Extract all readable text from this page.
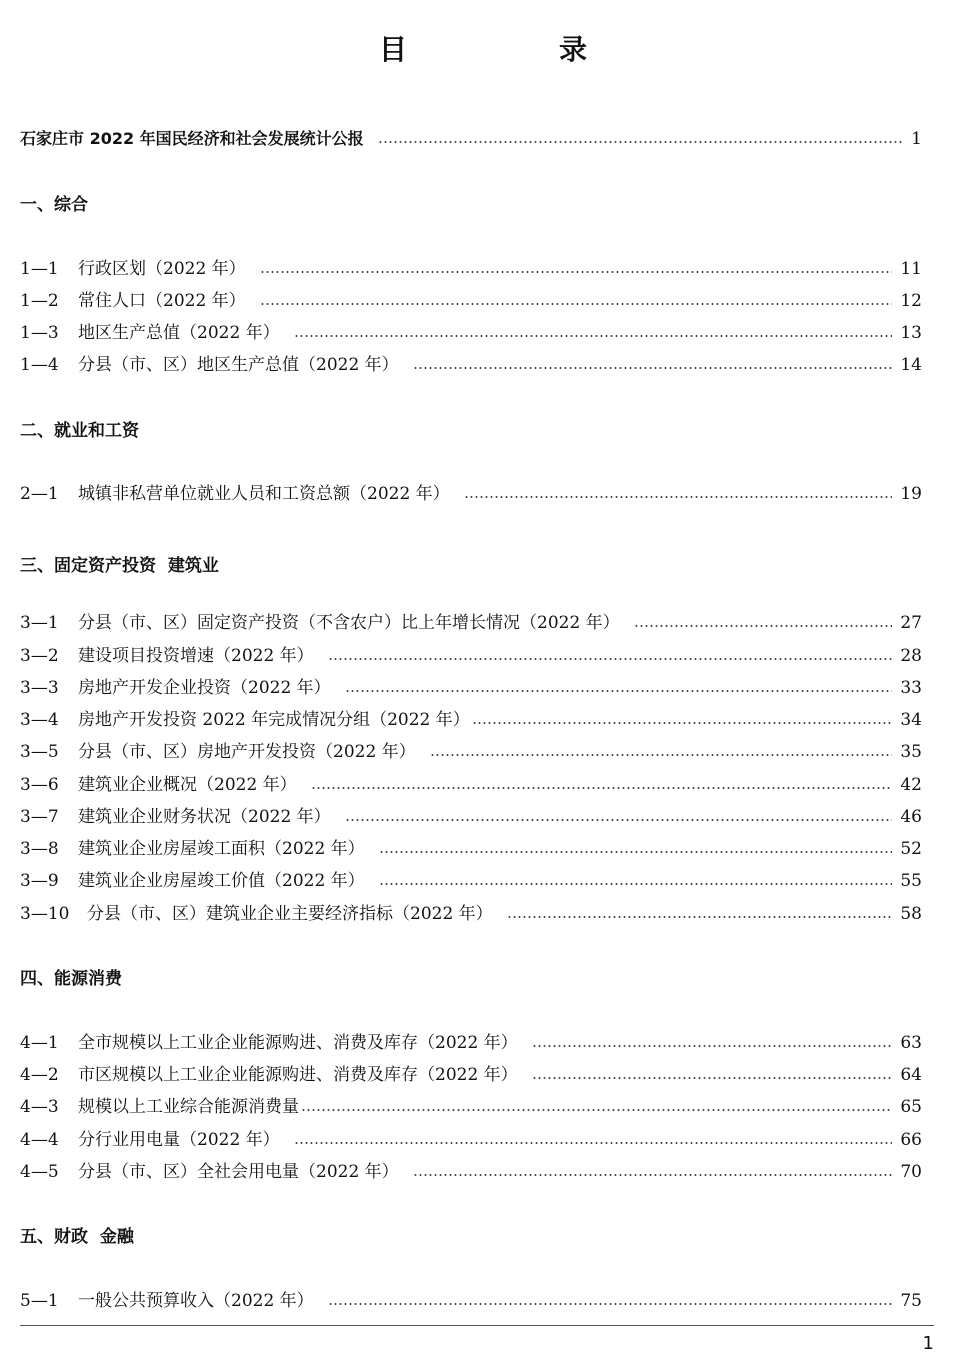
目　录
石家庄市 2022 年国民经济和社会发展统计公报	1
一、综合
1—1	行政区划（2022 年）	11
1—2	常住人口（2022 年）	12
1—3	地区生产总值（2022 年）	13
1—4	分县（市、区）地区生产总值（2022 年）	14
二、就业和工资
2—1	城镇非私营单位就业人员和工资总额（2022 年）	19
三、固定资产投资  建筑业
3—1	分县（市、区）固定资产投资（不含农户）比上年增长情况（2022 年）	27
3—2	建设项目投资增速（2022 年）	28
3—3	房地产开发企业投资（2022 年）	33
3—4	房地产开发投资 2022 年完成情况分组（2022 年）	34
3—5	分县（市、区）房地产开发投资（2022 年）	35
3—6	建筑业企业概况（2022 年）	42
3—7	建筑业企业财务状况（2022 年）	46
3—8	建筑业企业房屋竣工面积（2022 年）	52
3—9	建筑业企业房屋竣工价值（2022 年）	55
3—10	分县（市、区）建筑业企业主要经济指标（2022 年）	58
四、能源消费
4—1	全市规模以上工业企业能源购进、消费及库存（2022 年）	63
4—2	市区规模以上工业企业能源购进、消费及库存（2022 年）	64
4—3	规模以上工业综合能源消费量	65
4—4	分行业用电量（2022 年）	66
4—5	分县（市、区）全社会用电量（2022 年）	70
五、财政  金融
5—1	一般公共预算收入（2022 年）	75
1
